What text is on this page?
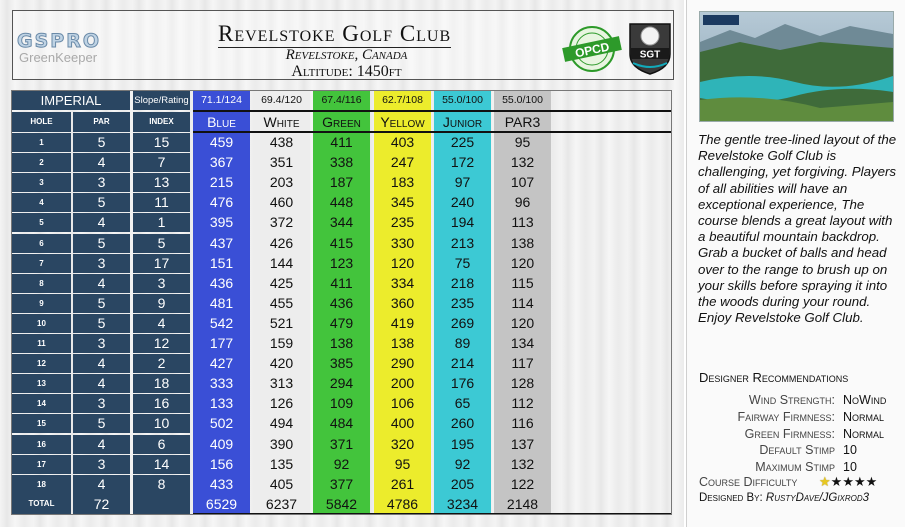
GSPRO
GreenKeeper
Revelstoke Golf Club
Revelstoke, Canada
Altitude: 1450ft
OPCD	SGT
IMPERIAL	Slope/Rating
HOLE
1
2
3
4
5
6
7
8
9
10
11
12
13
14
15
16
17
18
TOTAL
PAR
5
4
3
5
4
5
3
4
5
5
3
4
4
3
5
4
3
4
72
INDEX
15
7
13
11
1
5
17
3
9
4
12
2
18
16
10
6
14
8
71.1/124
Blue
459
367
215
476
395
437
151
436
481
542
177
427
333
133
502
409
156
433
6529
69.4/120
White
438
351
203
460
372
426
144
425
455
521
159
420
313
126
494
390
135
405
6237
67.4/116
Green
411
338
187
448
344
415
123
411
436
479
138
385
294
109
484
371
92
377
5842
62.7/108
Yellow
403
247
183
345
235
330
120
334
360
419
138
290
200
106
400
320
95
261
4786
55.0/100
Junior
225
172
97
240
194
213
75
218
235
269
89
214
176
65
260
195
92
205
3234
55.0/100
PAR3
95
132
107
96
113
138
120
115
114
120
134
117
128
112
116
137
132
122
2148
The gentle tree-lined layout of the Revelstoke Golf Club is challenging, yet forgiving. Players of all abilities will have an exceptional experience, The course blends a great layout with a beautiful mountain backdrop. Grab a bucket of balls and head over to the range to brush up on your skills before spraying it into the woods during your round. Enjoy Revelstoke Golf Club.
Designer Recommendations
Wind Strength: NoWind
Fairway Firmness: Normal
Green Firmness: Normal
Default Stimp 10
Maximum Stimp 10
Course Difficulty ★★★★★
Designed By: RustyDave/JGixrod3
